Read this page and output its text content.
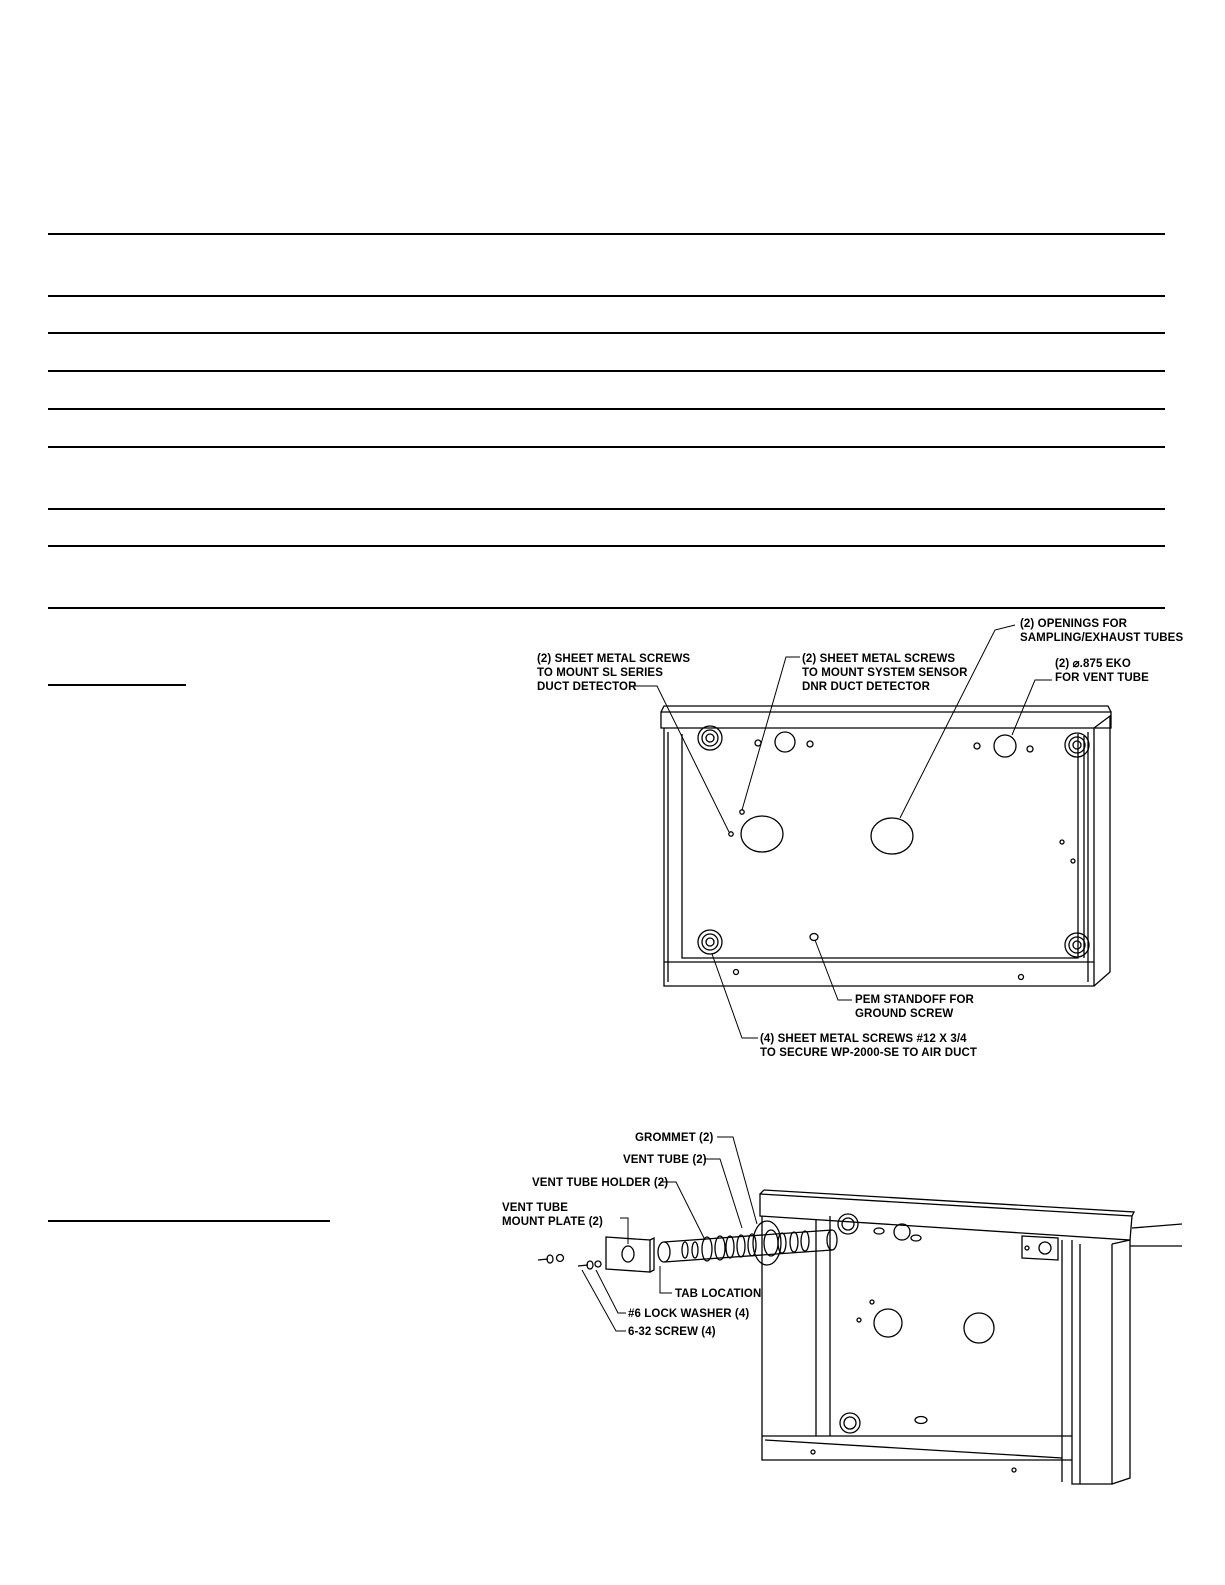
(2) SHEET METAL SCREWS
TO MOUNT SL SERIES
DUCT DETECTOR
(2) SHEET METAL SCREWS
TO MOUNT SYSTEM SENSOR
DNR DUCT DETECTOR
(2) OPENINGS FOR
SAMPLING/EXHAUST TUBES
(2) ⌀.875 EKO
FOR VENT TUBE
PEM STANDOFF FOR
GROUND SCREW
(4) SHEET METAL SCREWS #12 X 3/4
TO SECURE WP-2000-SE TO AIR DUCT
GROMMET (2)
VENT TUBE (2)
VENT TUBE HOLDER (2)
VENT TUBE
MOUNT PLATE (2)
TAB LOCATION
#6 LOCK WASHER (4)
6-32 SCREW (4)
